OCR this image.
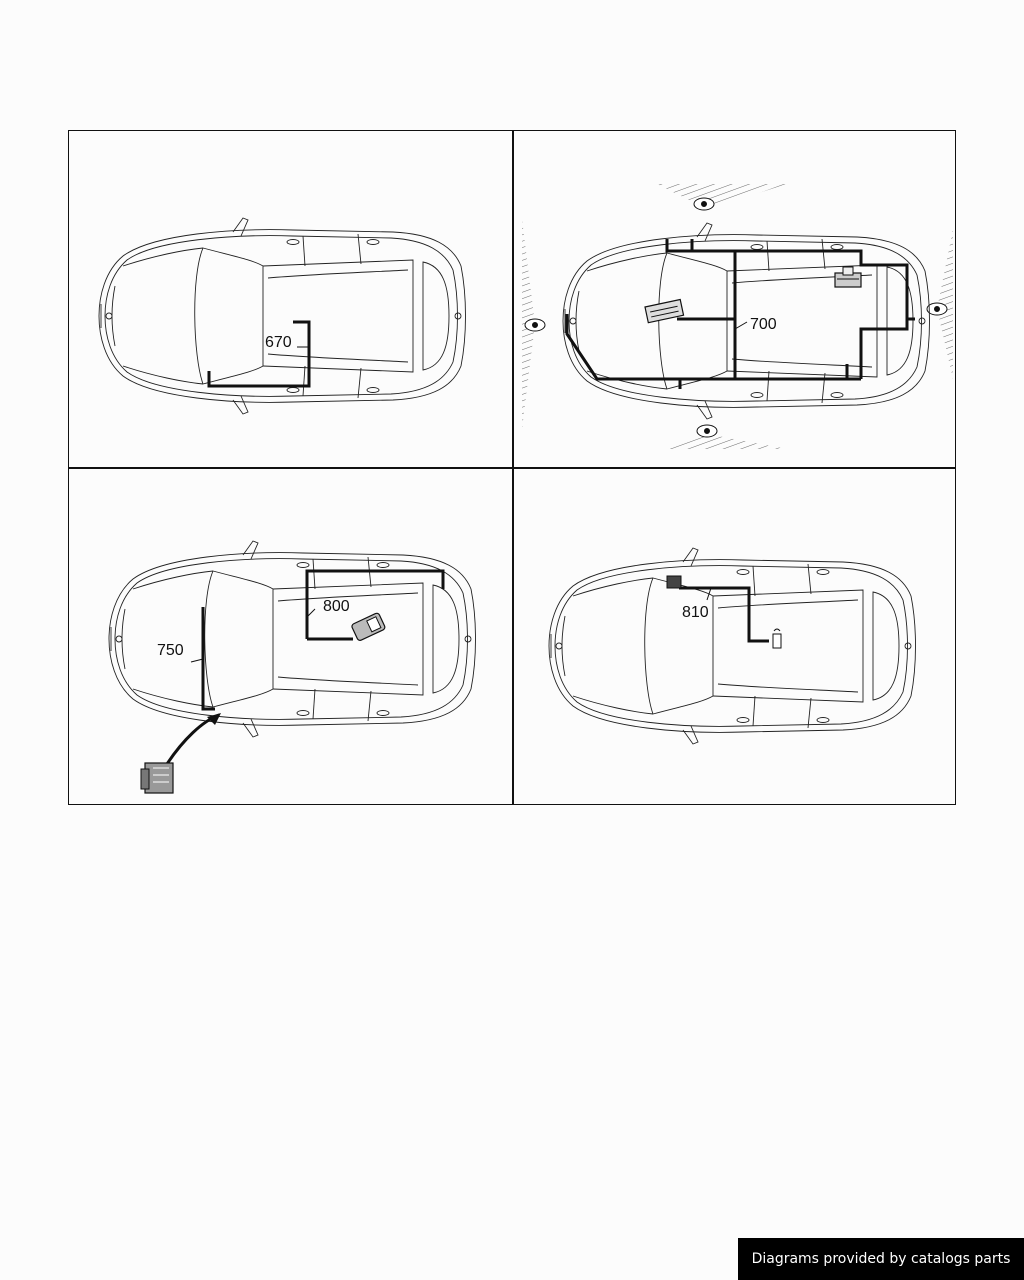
670
700
750
800	810
Diagrams provided by catalogs parts
